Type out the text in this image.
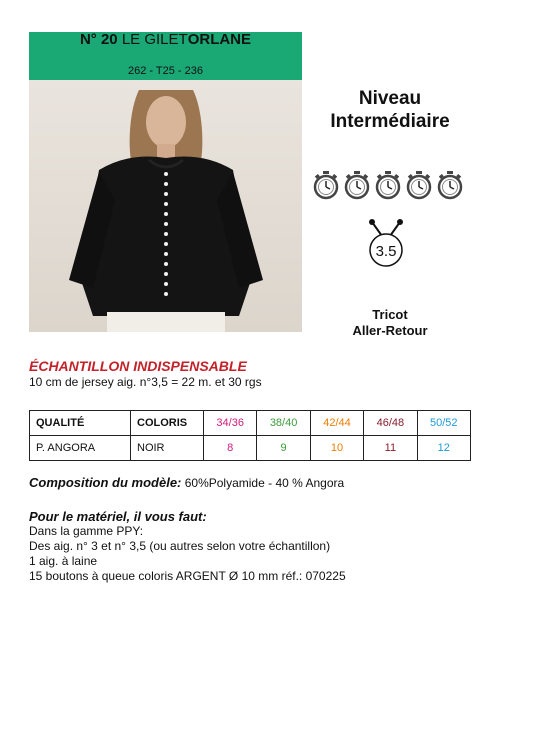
N° 20 LE GILETORLANE
262 - T25 - 236
Niveau
Intermédiaire
3.5
Tricot
Aller-Retour
ÉCHANTILLON INDISPENSABLE
10 cm de jersey aig. n°3,5 = 22 m. et 30 rgs
QUALITÉ	COLORIS	34/36	38/40	42/44	46/48	50/52
P. ANGORA	NOIR	8	9	10	11	12
Composition du modèle: 60%Polyamide - 40 % Angora
Pour le matériel, il vous faut:
Dans la gamme PPY:
Des aig. n° 3 et n° 3,5 (ou autres selon votre échantillon)
1 aig. à laine
15 boutons à queue coloris ARGENT Ø 10 mm réf.: 070225
